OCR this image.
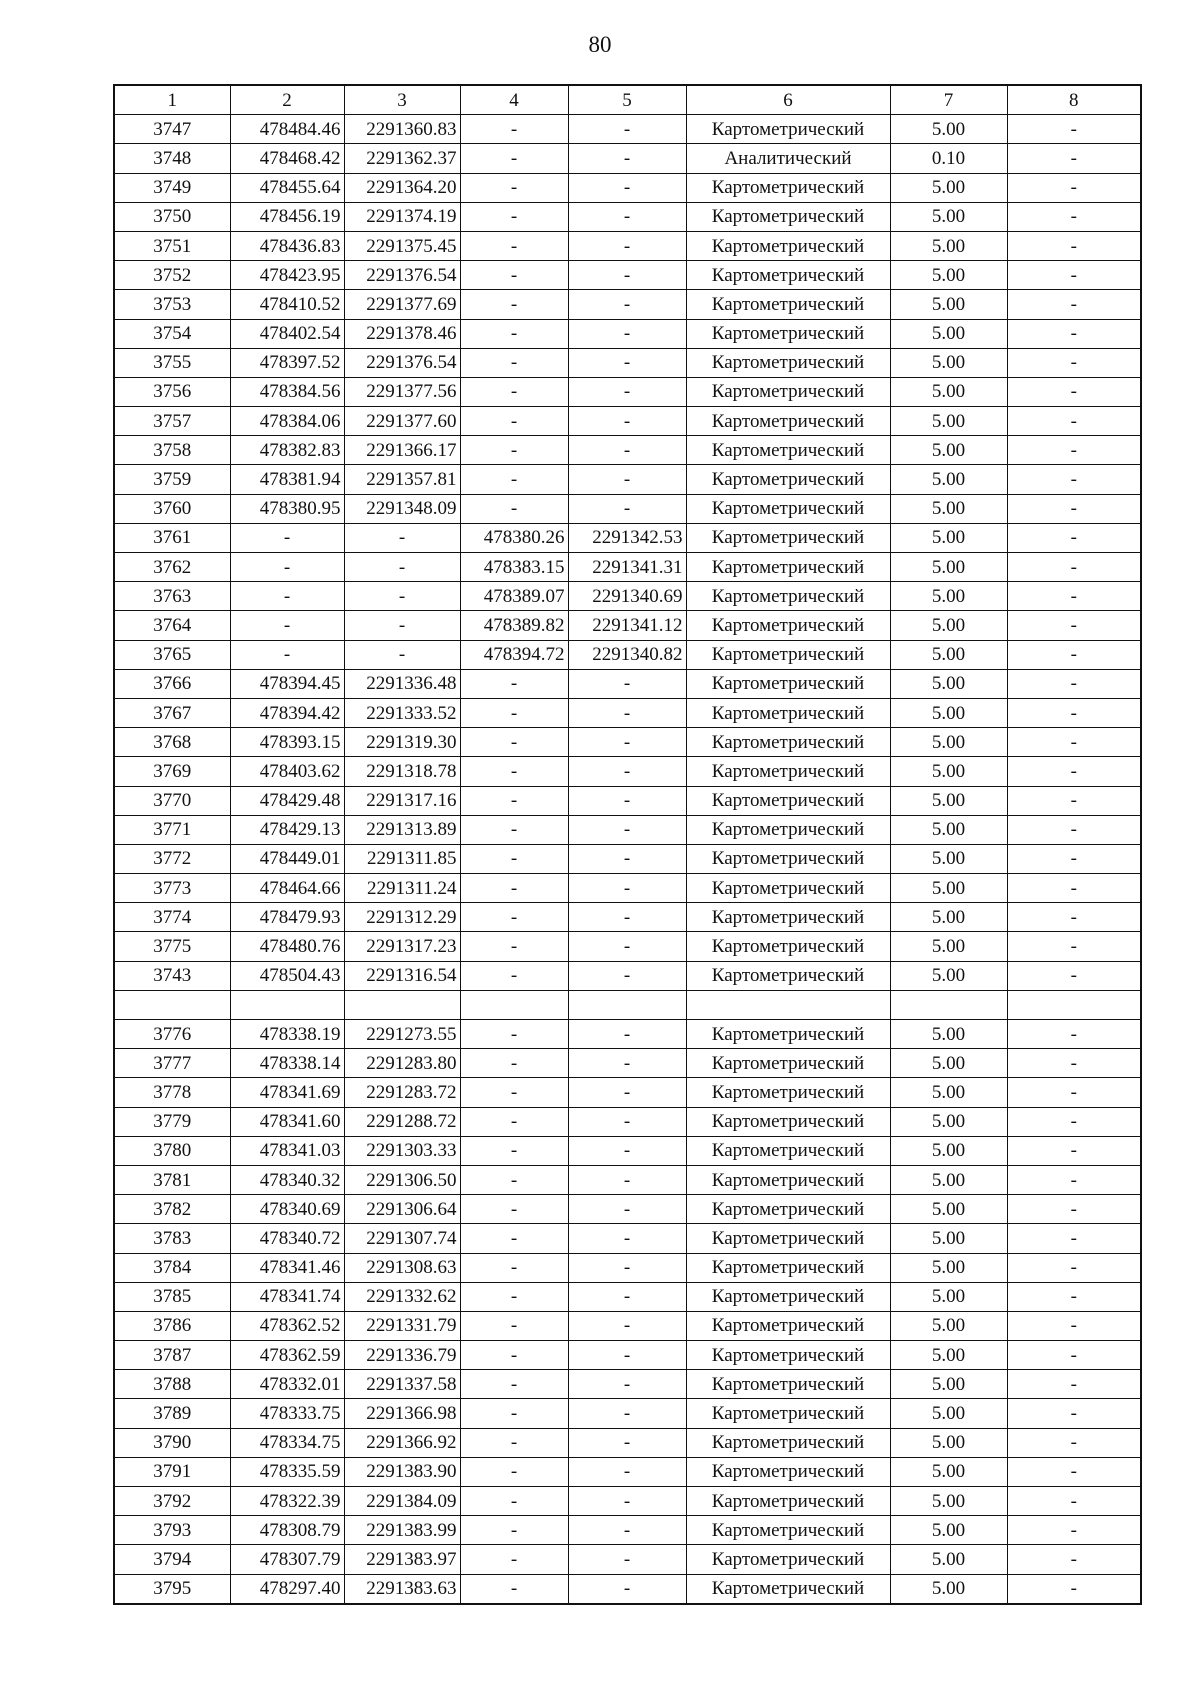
80
1	2	3	4	5	6	7	8
3747	478484.46	2291360.83	-	-	Картометрический	5.00	-
3748	478468.42	2291362.37	-	-	Аналитический	0.10	-
3749	478455.64	2291364.20	-	-	Картометрический	5.00	-
3750	478456.19	2291374.19	-	-	Картометрический	5.00	-
3751	478436.83	2291375.45	-	-	Картометрический	5.00	-
3752	478423.95	2291376.54	-	-	Картометрический	5.00	-
3753	478410.52	2291377.69	-	-	Картометрический	5.00	-
3754	478402.54	2291378.46	-	-	Картометрический	5.00	-
3755	478397.52	2291376.54	-	-	Картометрический	5.00	-
3756	478384.56	2291377.56	-	-	Картометрический	5.00	-
3757	478384.06	2291377.60	-	-	Картометрический	5.00	-
3758	478382.83	2291366.17	-	-	Картометрический	5.00	-
3759	478381.94	2291357.81	-	-	Картометрический	5.00	-
3760	478380.95	2291348.09	-	-	Картометрический	5.00	-
3761	-	-	478380.26	2291342.53	Картометрический	5.00	-
3762	-	-	478383.15	2291341.31	Картометрический	5.00	-
3763	-	-	478389.07	2291340.69	Картометрический	5.00	-
3764	-	-	478389.82	2291341.12	Картометрический	5.00	-
3765	-	-	478394.72	2291340.82	Картометрический	5.00	-
3766	478394.45	2291336.48	-	-	Картометрический	5.00	-
3767	478394.42	2291333.52	-	-	Картометрический	5.00	-
3768	478393.15	2291319.30	-	-	Картометрический	5.00	-
3769	478403.62	2291318.78	-	-	Картометрический	5.00	-
3770	478429.48	2291317.16	-	-	Картометрический	5.00	-
3771	478429.13	2291313.89	-	-	Картометрический	5.00	-
3772	478449.01	2291311.85	-	-	Картометрический	5.00	-
3773	478464.66	2291311.24	-	-	Картометрический	5.00	-
3774	478479.93	2291312.29	-	-	Картометрический	5.00	-
3775	478480.76	2291317.23	-	-	Картометрический	5.00	-
3743	478504.43	2291316.54	-	-	Картометрический	5.00	-

3776	478338.19	2291273.55	-	-	Картометрический	5.00	-
3777	478338.14	2291283.80	-	-	Картометрический	5.00	-
3778	478341.69	2291283.72	-	-	Картометрический	5.00	-
3779	478341.60	2291288.72	-	-	Картометрический	5.00	-
3780	478341.03	2291303.33	-	-	Картометрический	5.00	-
3781	478340.32	2291306.50	-	-	Картометрический	5.00	-
3782	478340.69	2291306.64	-	-	Картометрический	5.00	-
3783	478340.72	2291307.74	-	-	Картометрический	5.00	-
3784	478341.46	2291308.63	-	-	Картометрический	5.00	-
3785	478341.74	2291332.62	-	-	Картометрический	5.00	-
3786	478362.52	2291331.79	-	-	Картометрический	5.00	-
3787	478362.59	2291336.79	-	-	Картометрический	5.00	-
3788	478332.01	2291337.58	-	-	Картометрический	5.00	-
3789	478333.75	2291366.98	-	-	Картометрический	5.00	-
3790	478334.75	2291366.92	-	-	Картометрический	5.00	-
3791	478335.59	2291383.90	-	-	Картометрический	5.00	-
3792	478322.39	2291384.09	-	-	Картометрический	5.00	-
3793	478308.79	2291383.99	-	-	Картометрический	5.00	-
3794	478307.79	2291383.97	-	-	Картометрический	5.00	-
3795	478297.40	2291383.63	-	-	Картометрический	5.00	-
